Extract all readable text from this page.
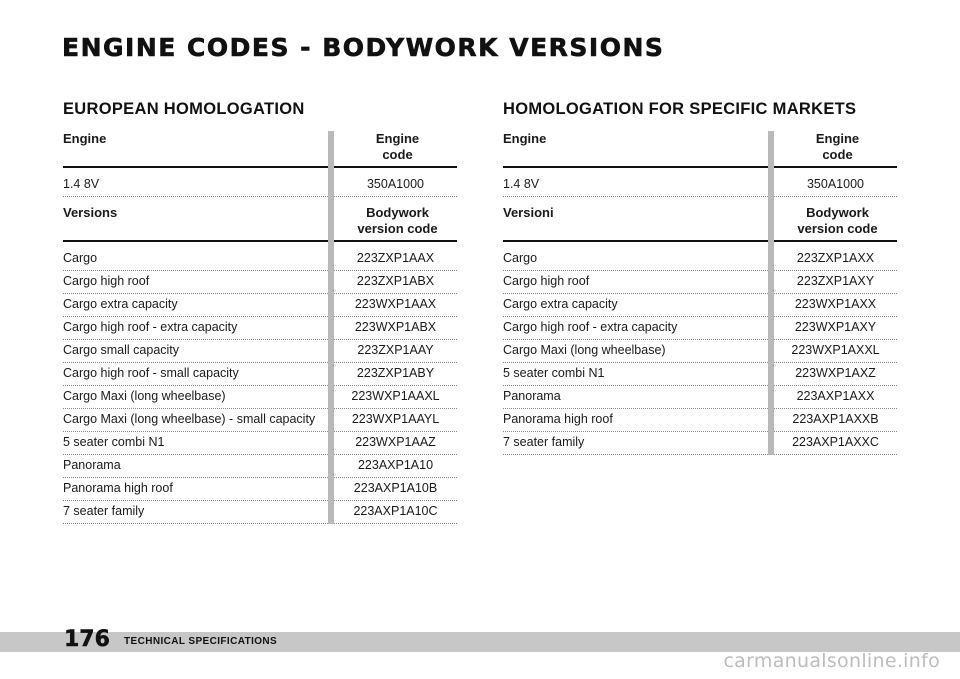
ENGINE CODES - BODYWORK VERSIONS
EUROPEAN HOMOLOGATION
Engine	Engine
code

1.4 8V	350A1000
Versions	Bodywork
version code

Cargo	223ZXP1AAX
Cargo high roof	223ZXP1ABX
Cargo extra capacity	223WXP1AAX
Cargo high roof - extra capacity	223WXP1ABX
Cargo small capacity	223ZXP1AAY
Cargo high roof - small capacity	223ZXP1ABY
Cargo Maxi (long wheelbase)	223WXP1AAXL
Cargo Maxi (long wheelbase) - small capacity	223WXP1AAYL
5 seater combi N1	223WXP1AAZ
Panorama	223AXP1A10
Panorama high roof	223AXP1A10B
7 seater family	223AXP1A10C
HOMOLOGATION FOR SPECIFIC MARKETS
Engine	Engine
code

1.4 8V	350A1000
Versioni	Bodywork
version code

Cargo	223ZXP1AXX
Cargo high roof	223ZXP1AXY
Cargo extra capacity	223WXP1AXX
Cargo high roof - extra capacity	223WXP1AXY
Cargo Maxi (long wheelbase)	223WXP1AXXL
5 seater combi N1	223WXP1AXZ
Panorama	223AXP1AXX
Panorama high roof	223AXP1AXXB
7 seater family	223AXP1AXXC
176 TECHNICAL SPECIFICATIONS
carmanualsonline.info
